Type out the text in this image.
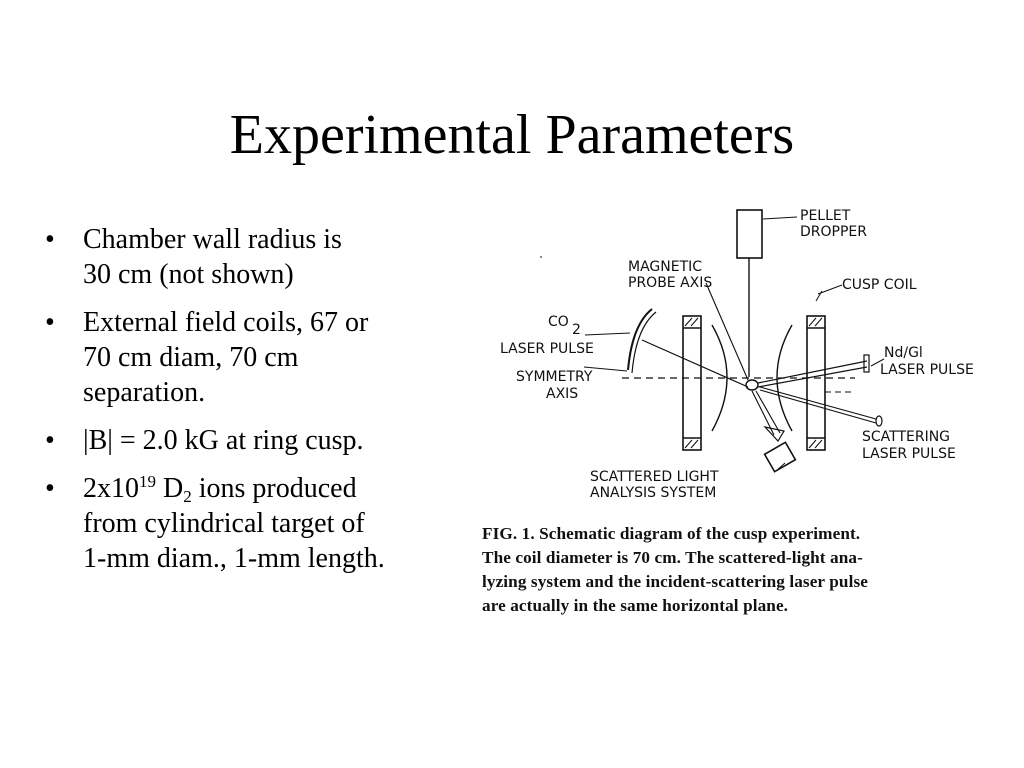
Experimental Parameters
• Chamber wall radius is
30 cm (not shown)
• External field coils, 67 or
70 cm diam, 70 cm
separation.
• |B| = 2.0 kG at ring cusp.
• $2x10^{19}$ $D_2$ ions produced
from cylindrical target of
1-mm diam., 1-mm length.
PELLET
DROPPER
MAGNETIC
PROBE AXIS	CUSP COIL
CO 2
LASER PULSE	Nd/Gl
LASER PULSE
SYMMETRY
AXIS
SCATTERING
LASER PULSE
SCATTERED LIGHT
ANALYSIS SYSTEM
FIG. 1. Schematic diagram of the cusp experiment.
The coil diameter is 70 cm. The scattered-light ana-
lyzing system and the incident-scattering laser pulse
are actually in the same horizontal plane.
